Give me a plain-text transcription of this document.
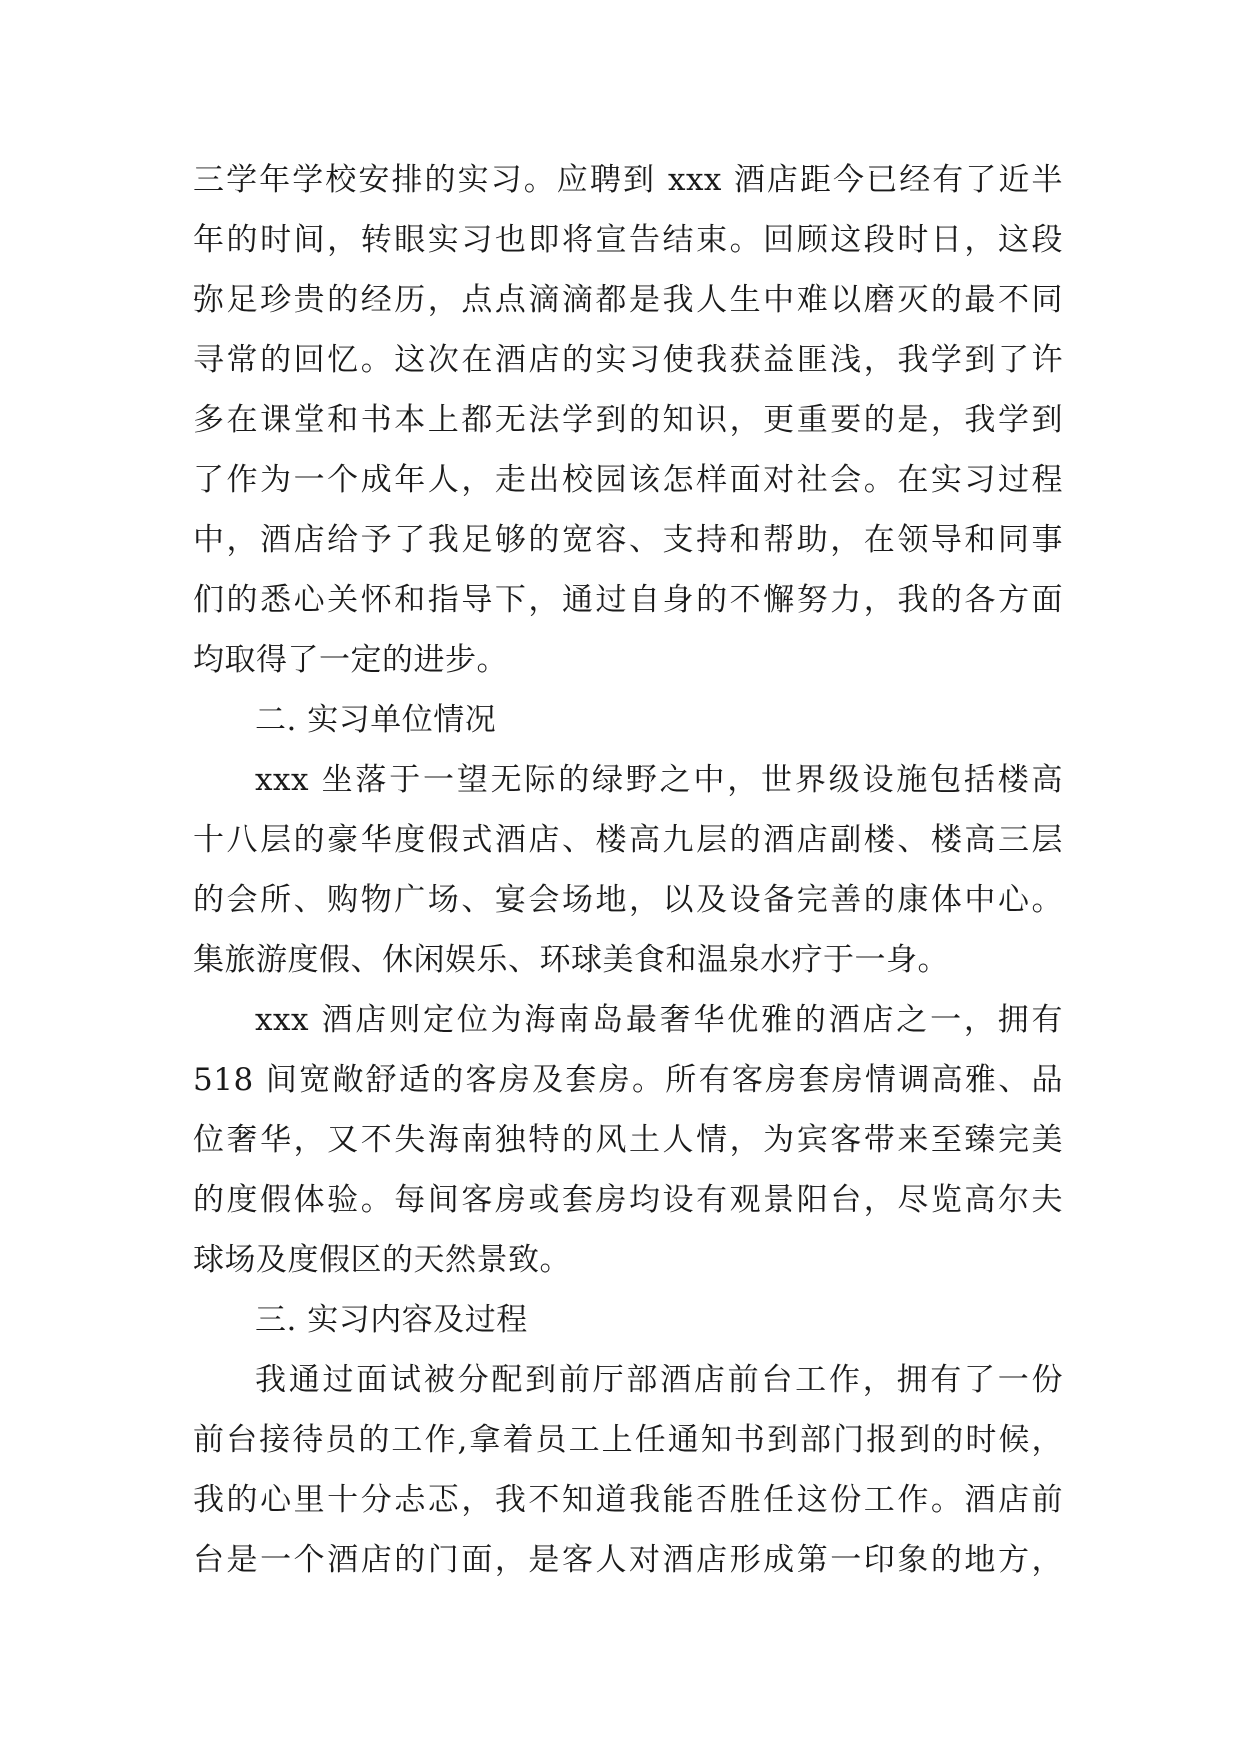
三学年学校安排的实习。应聘到 xxx 酒店距今已经有了近半
年的时间，转眼实习也即将宣告结束。回顾这段时日，这段
弥足珍贵的经历，点点滴滴都是我人生中难以磨灭的最不同
寻常的回忆。这次在酒店的实习使我获益匪浅，我学到了许
多在课堂和书本上都无法学到的知识，更重要的是，我学到
了作为一个成年人，走出校园该怎样面对社会。在实习过程
中，酒店给予了我足够的宽容、支持和帮助，在领导和同事
们的悉心关怀和指导下，通过自身的不懈努力，我的各方面
均取得了一定的进步。
二. 实习单位情况
xxx 坐落于一望无际的绿野之中，世界级设施包括楼高
十八层的豪华度假式酒店、楼高九层的酒店副楼、楼高三层
的会所、购物广场、宴会场地，以及设备完善的康体中心。
集旅游度假、休闲娱乐、环球美食和温泉水疗于一身。
xxx 酒店则定位为海南岛最奢华优雅的酒店之一，拥有
518 间宽敞舒适的客房及套房。所有客房套房情调高雅、品
位奢华，又不失海南独特的风土人情，为宾客带来至臻完美
的度假体验。每间客房或套房均设有观景阳台，尽览高尔夫
球场及度假区的天然景致。
三. 实习内容及过程
我通过面试被分配到前厅部酒店前台工作，拥有了一份
前台接待员的工作,拿着员工上任通知书到部门报到的时候，
我的心里十分忐忑，我不知道我能否胜任这份工作。酒店前
台是一个酒店的门面，是客人对酒店形成第一印象的地方，
